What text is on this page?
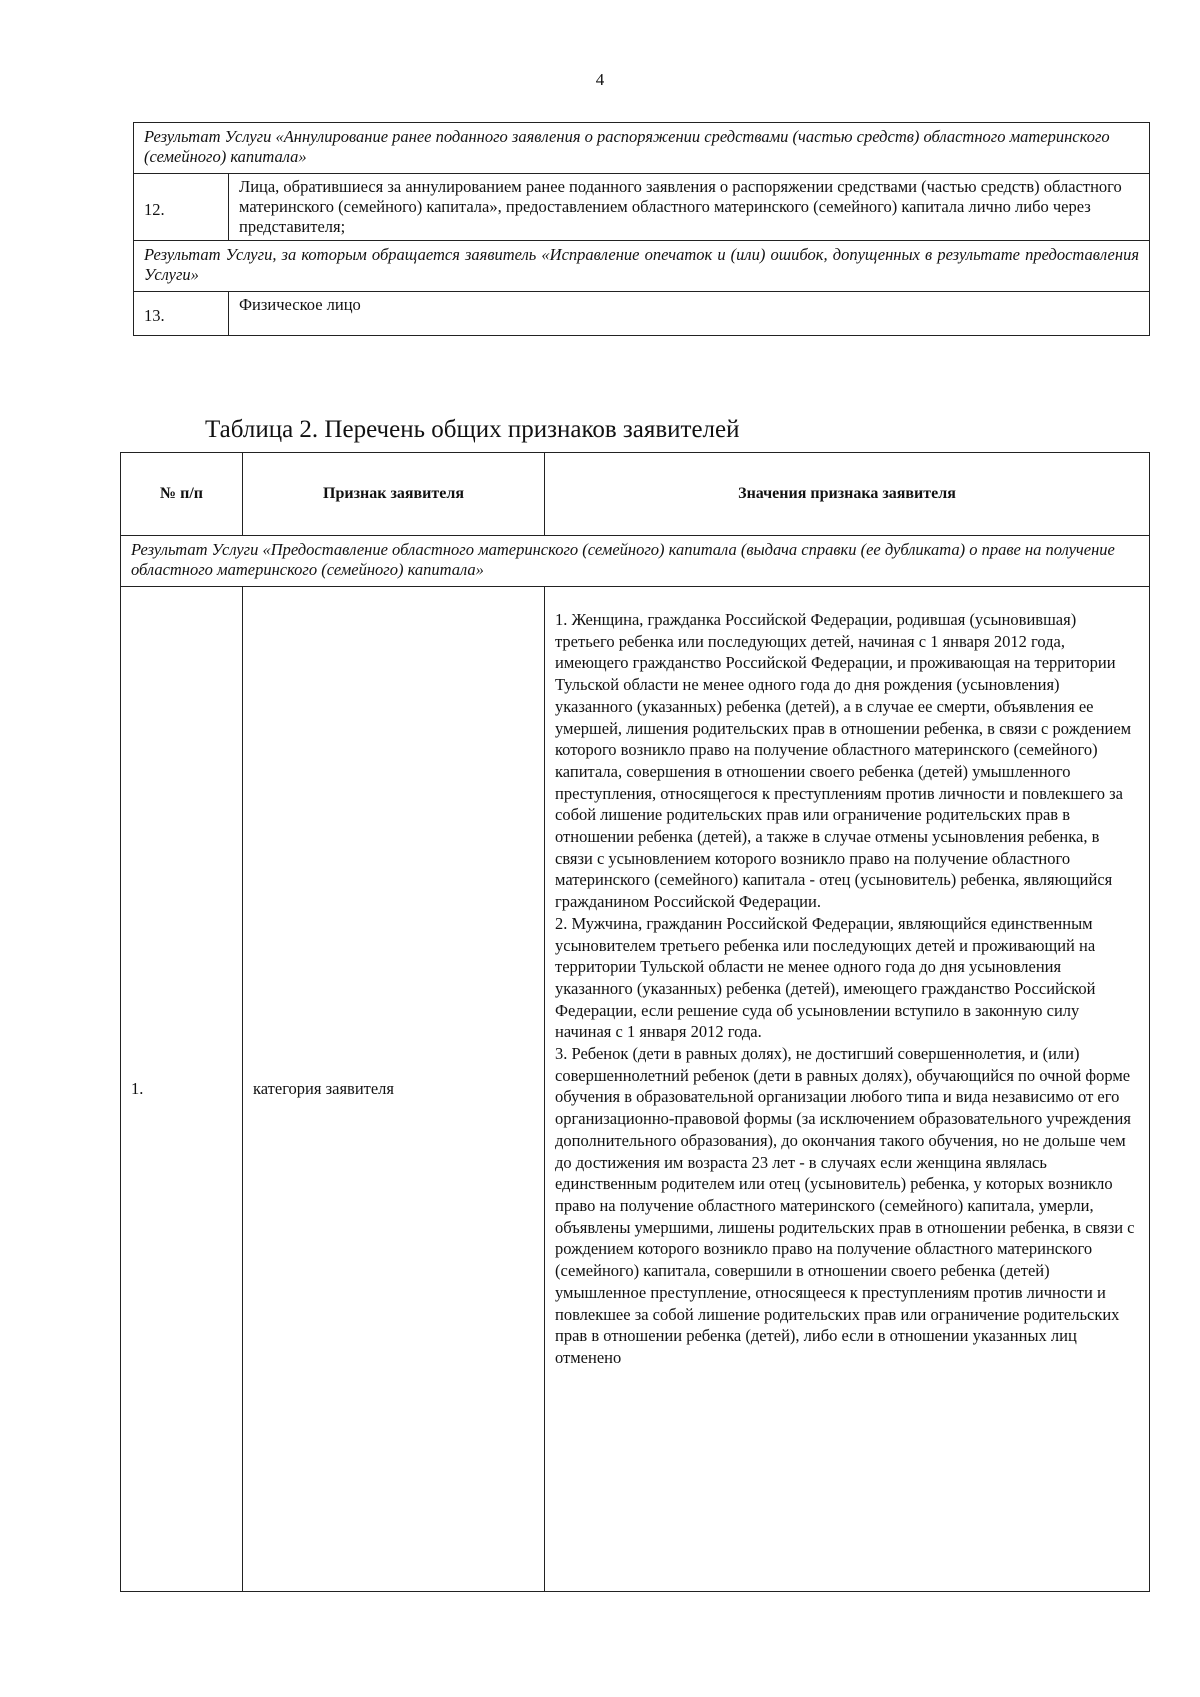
4
Результат Услуги «Аннулирование ранее поданного заявления о распоряжении средствами (частью средств) областного материнского (семейного) капитала»	
12.	Лица, обратившиеся за аннулированием ранее поданного заявления о распоряжении средствами (частью средств) областного материнского (семейного) капитала», предоставлением областного материнского (семейного) капитала лично либо через представителя;
Результат Услуги, за которым обращается заявитель «Исправление опечаток и (или) ошибок, допущенных в результате предоставления Услуги»	
13.	Физическое лицо
Таблица 2. Перечень общих признаков заявителей
№ п/п	Признак заявителя	Значения признака заявителя
Результат Услуги «Предоставление областного материнского (семейного) капитала (выдача справки (ее дубликата) о праве на получение областного материнского (семейного) капитала»		
1.	категория заявителя	1. Женщина, гражданка Российской Федерации, родившая (усыновившая) третьего ребенка или последующих детей, начиная с 1 января 2012 года, имеющего гражданство Российской Федерации, и проживающая на территории Тульской области не менее одного года до дня рождения (усыновления) указанного (указанных) ребенка (детей), а в случае ее смерти, объявления ее умершей, лишения родительских прав в отношении ребенка, в связи с рождением которого возникло право на получение областного материнского (семейного) капитала, совершения в отношении своего ребенка (детей) умышленного преступления, относящегося к преступлениям против личности и повлекшего за собой лишение родительских прав или ограничение родительских прав в отношении ребенка (детей), а также в случае отмены усыновления ребенка, в связи с усыновлением которого возникло право на получение областного материнского (семейного) капитала - отец (усыновитель) ребенка, являющийся гражданином Российской Федерации.

2. Мужчина, гражданин Российской Федерации, являющийся единственным усыновителем третьего ребенка или последующих детей и проживающий на территории Тульской области не менее одного года до дня усыновления указанного (указанных) ребенка (детей), имеющего гражданство Российской Федерации, если решение суда об усыновлении вступило в законную силу начиная с 1 января 2012 года.

3. Ребенок (дети в равных долях), не достигший совершеннолетия, и (или) совершеннолетний ребенок (дети в равных долях), обучающийся по очной форме обучения в образовательной организации любого типа и вида независимо от его организационно-правовой формы (за исключением образовательного учреждения дополнительного образования), до окончания такого обучения, но не дольше чем до достижения им возраста 23 лет - в случаях если женщина являлась единственным родителем или отец (усыновитель) ребенка, у которых возникло право на получение областного материнского (семейного) капитала, умерли, объявлены умершими, лишены родительских прав в отношении ребенка, в связи с рождением которого возникло право на получение областного материнского (семейного) капитала, совершили в отношении своего ребенка (детей) умышленное преступление, относящееся к преступлениям против личности и повлекшее за собой лишение родительских прав или ограничение родительских прав в отношении ребенка (детей), либо если в отношении указанных лиц отменено
